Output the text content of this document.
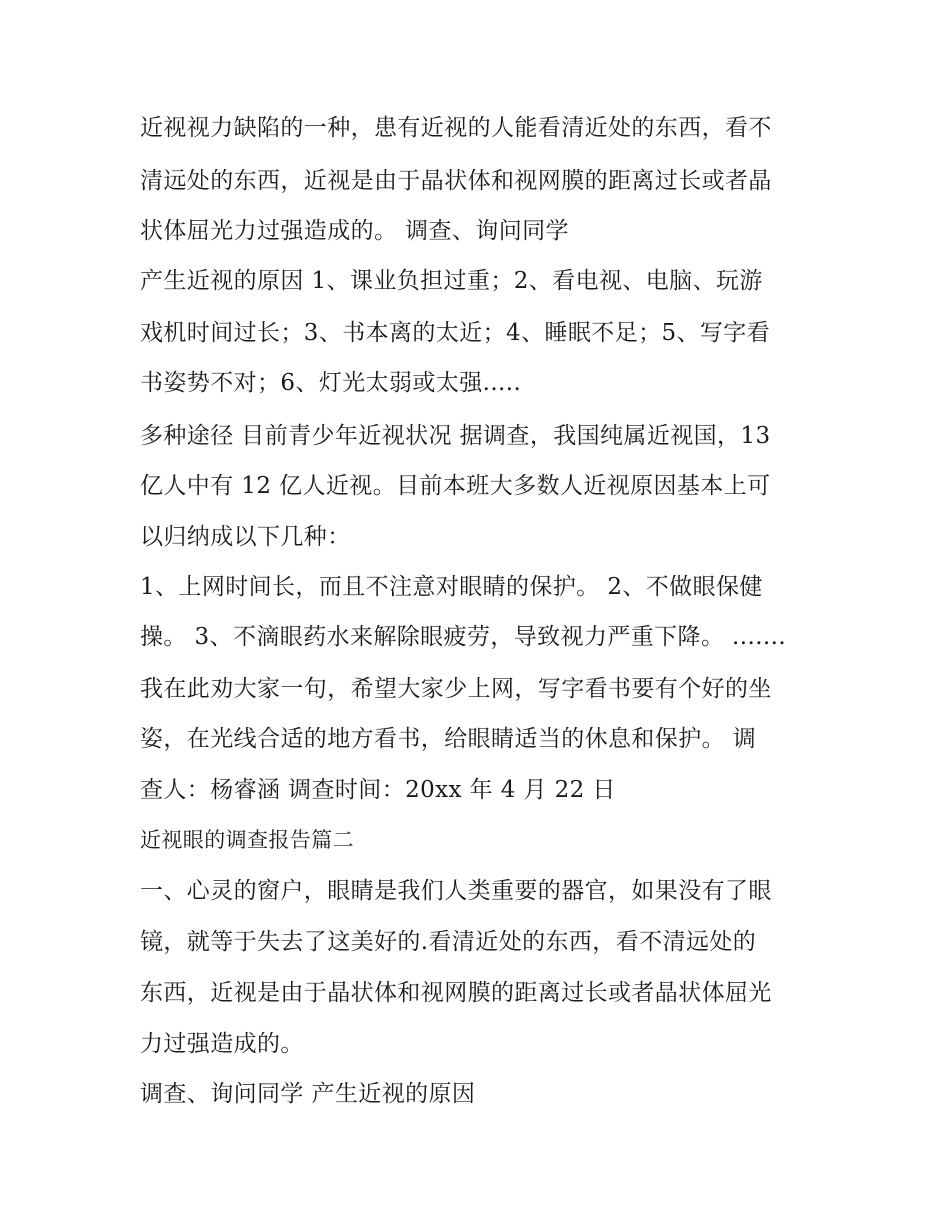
近视视力缺陷的一种，患有近视的人能看清近处的东西，看不
清远处的东西，近视是由于晶状体和视网膜的距离过长或者晶
状体屈光力过强造成的。 调查、询问同学
产生近视的原因 1、课业负担过重；2、看电视、电脑、玩游
戏机时间过长；3、书本离的太近；4、睡眠不足；5、写字看
书姿势不对；6、灯光太弱或太强.....
多种途径 目前青少年近视状况 据调查，我国纯属近视国，13
亿人中有 12 亿人近视。目前本班大多数人近视原因基本上可
以归纳成以下几种：
1、上网时间长，而且不注意对眼睛的保护。 2、不做眼保健
操。 3、不滴眼药水来解除眼疲劳，导致视力严重下降。 .......
我在此劝大家一句，希望大家少上网，写字看书要有个好的坐
姿，在光线合适的地方看书，给眼睛适当的休息和保护。 调
查人：杨睿涵 调查时间：20xx 年 4 月 22 日
近视眼的调查报告篇二
一、心灵的窗户，眼睛是我们人类重要的器官，如果没有了眼
镜，就等于失去了这美好的.看清近处的东西，看不清远处的
东西，近视是由于晶状体和视网膜的距离过长或者晶状体屈光
力过强造成的。
调查、询问同学 产生近视的原因
